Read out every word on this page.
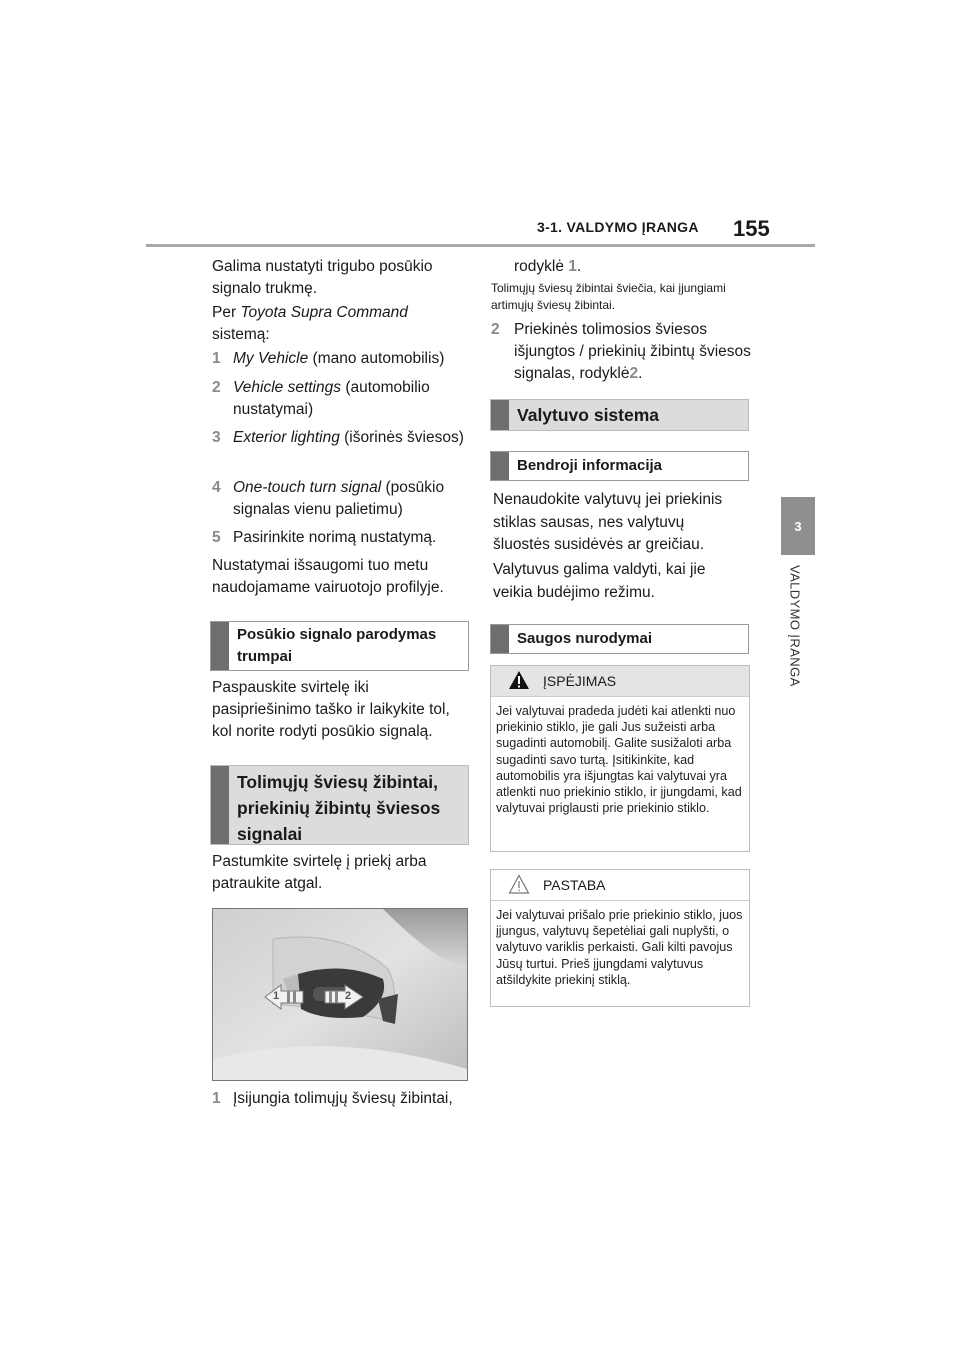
3-1. VALDYMO ĮRANGA 155
3
VALDYMO ĮRANGA
Galima nustatyti trigubo posūkio signalo trukmę.
Per Toyota Supra Command
sistemą:
1 My Vehicle (mano automobilis)
2 Vehicle settings (automobilio nustatymai)
3 Exterior lighting (išorinės šviesos)
4 One-touch turn signal (posūkio signalas vienu palietimu)
5 Pasirinkite norimą nustatymą.
Nustatymai išsaugomi tuo metu naudojamame vairuotojo profilyje.
Posūkio signalo parodymas trumpai
Paspauskite svirtelę iki pasipriešinimo taško ir laikykite tol, kol norite rodyti posūkio signalą.
Tolimųjų šviesų žibintai, priekinių žibintų šviesos signalai
Pastumkite svirtelę į priekį arba patraukite atgal.
1	2
1 Įsijungia tolimųjų šviesų žibintai,
rodyklė 1.
Tolimųjų šviesų žibintai šviečia, kai įjungiami artimųjų šviesų žibintai.
2 Priekinės tolimosios šviesos išjungtos / priekinių žibintų šviesos signalas, rodyklė2.
Valytuvo sistema
Bendroji informacija
Nenaudokite valytuvų jei priekinis stiklas sausas, nes valytuvų šluostės susidėvės ar greičiau.
Valytuvus galima valdyti, kai jie veikia budėjimo režimu.
Saugos nurodymai
ĮSPĖJIMAS
Jei valytuvai pradeda judėti kai atlenkti nuo priekinio stiklo, jie gali Jus sužeisti arba sugadinti automobilį. Galite susižaloti arba sugadinti savo turtą. Įsitikinkite, kad automobilis yra išjungtas kai valytuvai yra atlenkti nuo priekinio stiklo, ir įjungdami, kad valytuvai priglausti prie priekinio stiklo.
PASTABA
Jei valytuvai prišalo prie priekinio stiklo, juos įjungus, valytuvų šepetėliai gali nuplyšti, o valytuvo variklis perkaisti. Gali kilti pavojus Jūsų turtui. Prieš įjungdami valytuvus atšildykite priekinį stiklą.
